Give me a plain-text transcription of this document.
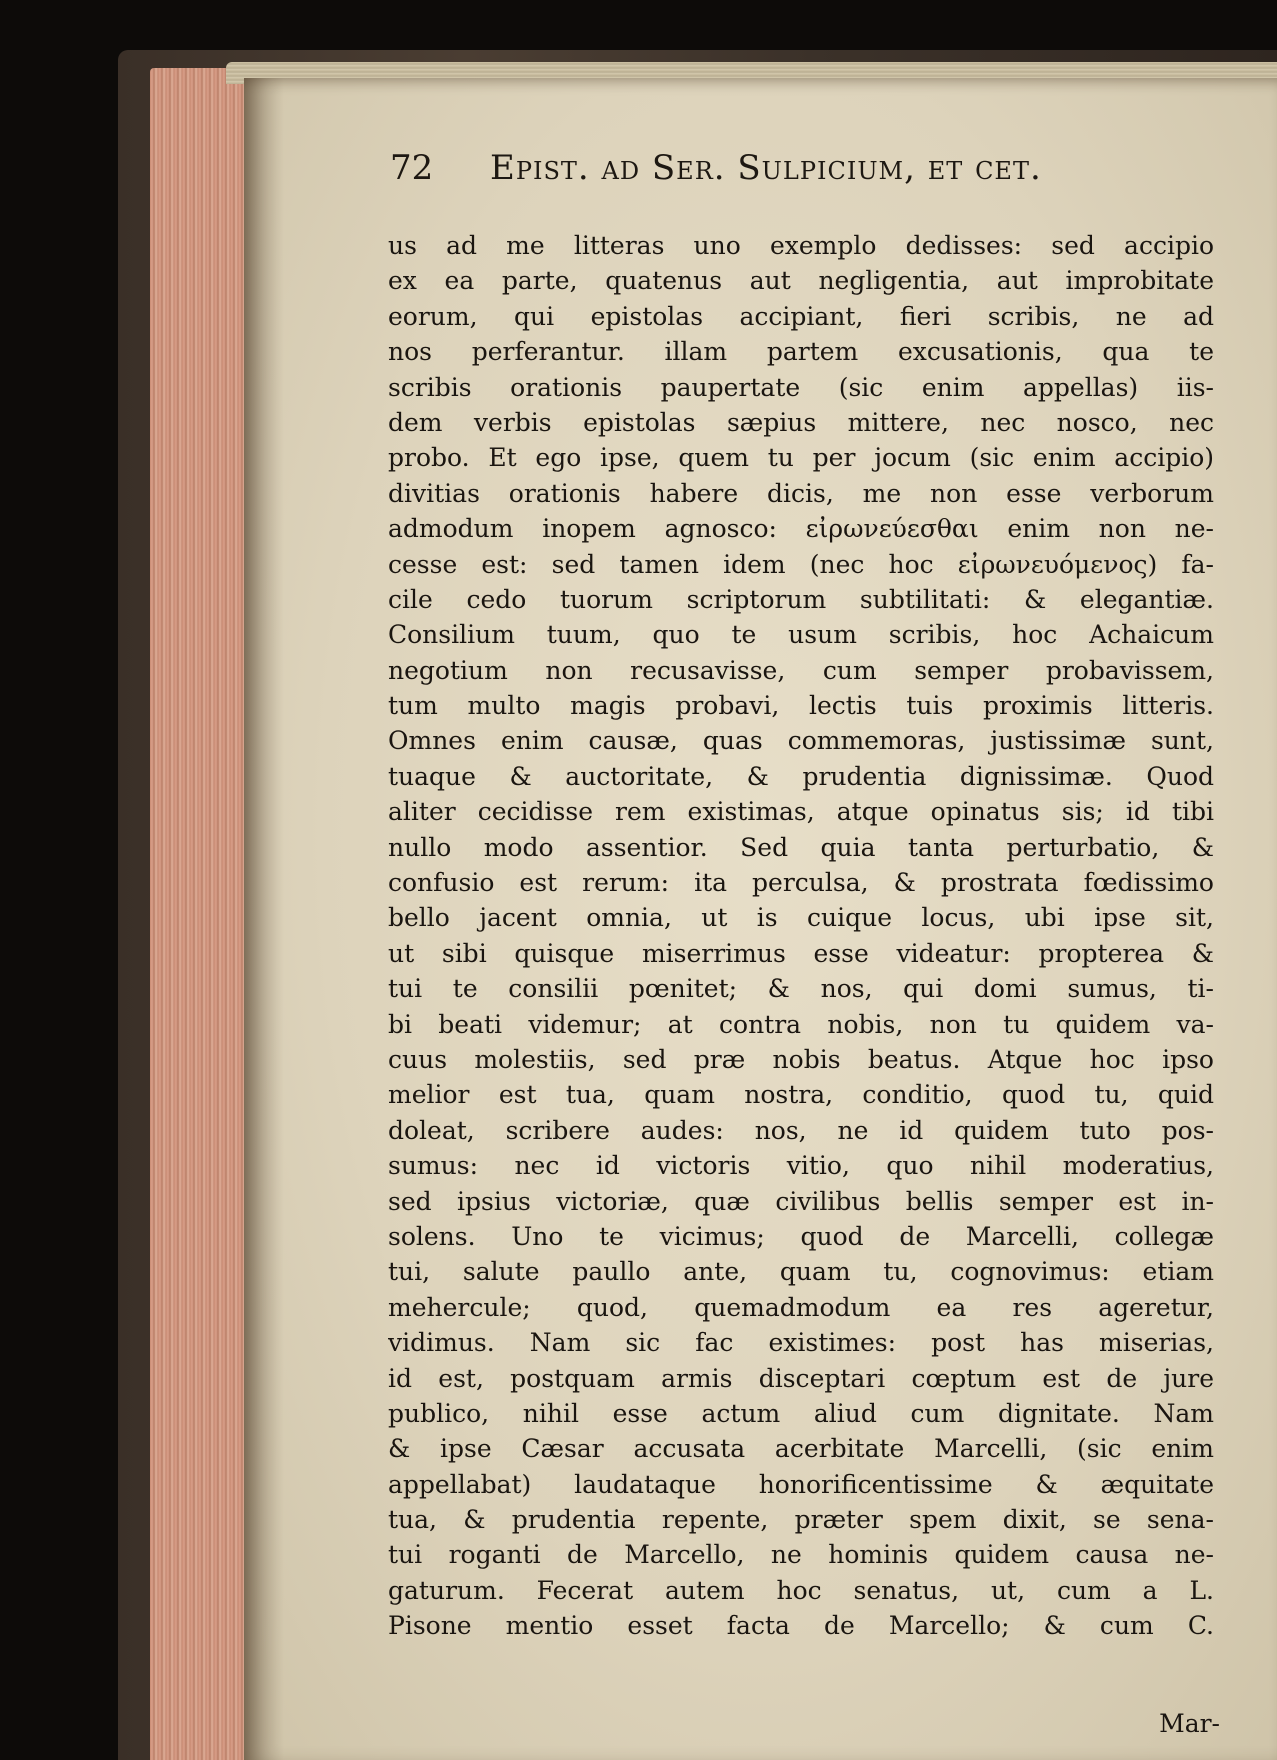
72 Epist. ad Ser. Sulpicium, et cet.
us ad me litteras uno exemplo dedisses: sed accipio
ex ea parte, quatenus aut negligentia, aut improbitate
eorum, qui epistolas accipiant, fieri scribis, ne ad
nos perferantur. illam partem excusationis, qua te
scribis orationis paupertate (sic enim appellas) iis-
dem verbis epistolas sæpius mittere, nec nosco, nec
probo. Et ego ipse, quem tu per jocum (sic enim accipio)
divitias orationis habere dicis, me non esse verborum
admodum inopem agnosco: εἰρωνεύεσθαι enim non ne-
cesse est: sed tamen idem (nec hoc εἰρωνευόμενος) fa-
cile cedo tuorum scriptorum subtilitati: & elegantiæ.
Consilium tuum, quo te usum scribis, hoc Achaicum
negotium non recusavisse, cum semper probavissem,
tum multo magis probavi, lectis tuis proximis litteris.
Omnes enim causæ, quas commemoras, justissimæ sunt,
tuaque & auctoritate, & prudentia dignissimæ. Quod
aliter cecidisse rem existimas, atque opinatus sis; id tibi
nullo modo assentior. Sed quia tanta perturbatio, &
confusio est rerum: ita perculsa, & prostrata fœdissimo
bello jacent omnia, ut is cuique locus, ubi ipse sit,
ut sibi quisque miserrimus esse videatur: propterea &
tui te consilii pœnitet; & nos, qui domi sumus, ti-
bi beati videmur; at contra nobis, non tu quidem va-
cuus molestiis, sed præ nobis beatus. Atque hoc ipso
melior est tua, quam nostra, conditio, quod tu, quid
doleat, scribere audes: nos, ne id quidem tuto pos-
sumus: nec id victoris vitio, quo nihil moderatius,
sed ipsius victoriæ, quæ civilibus bellis semper est in-
solens. Uno te vicimus; quod de Marcelli, collegæ
tui, salute paullo ante, quam tu, cognovimus: etiam
mehercule; quod, quemadmodum ea res ageretur,
vidimus. Nam sic fac existimes: post has miserias,
id est, postquam armis disceptari cœptum est de jure
publico, nihil esse actum aliud cum dignitate. Nam
& ipse Cæsar accusata acerbitate Marcelli, (sic enim
appellabat) laudataque honorificentissime & æquitate
tua, & prudentia repente, præter spem dixit, se sena-
tui roganti de Marcello, ne hominis quidem causa ne-
gaturum. Fecerat autem hoc senatus, ut, cum a L.
Pisone mentio esset facta de Marcello; & cum C.
Mar-
